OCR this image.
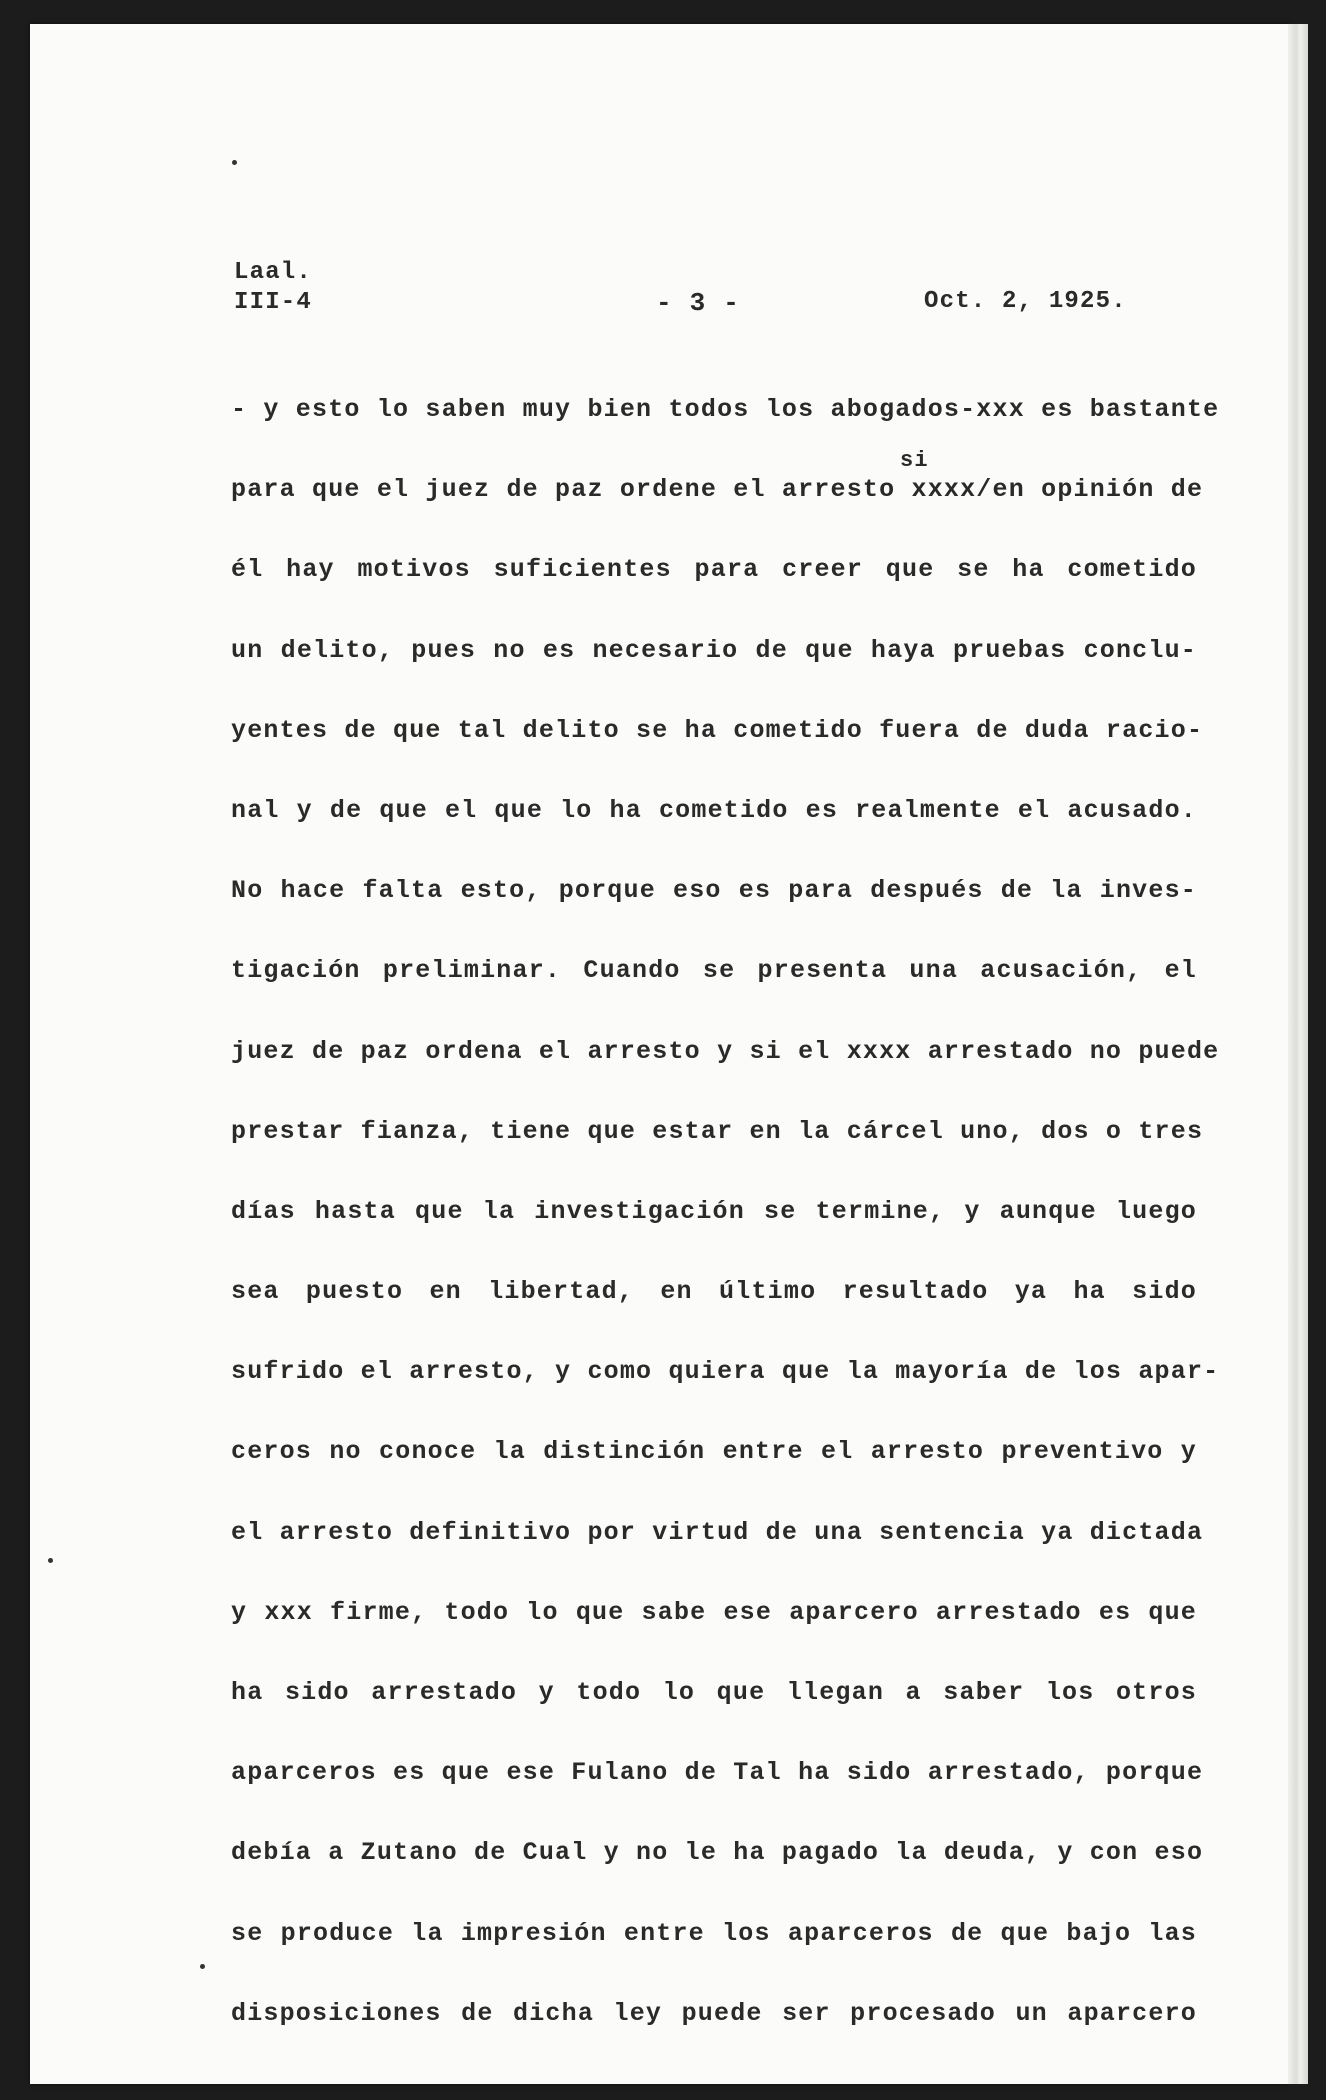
Laal.
III-4	- 3 -	Oct. 2, 1925.
si
- y esto lo saben muy bien todos los abogados-xxx es bastante
para que el juez de paz ordene el arresto xxxx/en opinión de
él hay motivos suficientes para creer que se ha cometido
un delito, pues no es necesario de que haya pruebas conclu-
yentes de que tal delito se ha cometido fuera de duda racio-
nal y de que el que lo ha cometido es realmente el acusado.
No hace falta esto, porque eso es para después de la inves-
tigación preliminar. Cuando se presenta una acusación, el
juez de paz ordena el arresto y si el xxxx arrestado no puede
prestar fianza, tiene que estar en la cárcel uno, dos o tres
días hasta que la investigación se termine, y aunque luego
sea puesto en libertad, en último resultado ya ha sido
sufrido el arresto, y como quiera que la mayoría de los apar-
ceros no conoce la distinción entre el arresto preventivo y
el arresto definitivo por virtud de una sentencia ya dictada
y xxx firme, todo lo que sabe ese aparcero arrestado es que
ha sido arrestado y todo lo que llegan a saber los otros
aparceros es que ese Fulano de Tal ha sido arrestado, porque
debía a Zutano de Cual y no le ha pagado la deuda, y con eso
se produce la impresión entre los aparceros de que bajo las
disposiciones de dicha ley puede ser procesado un aparcero
